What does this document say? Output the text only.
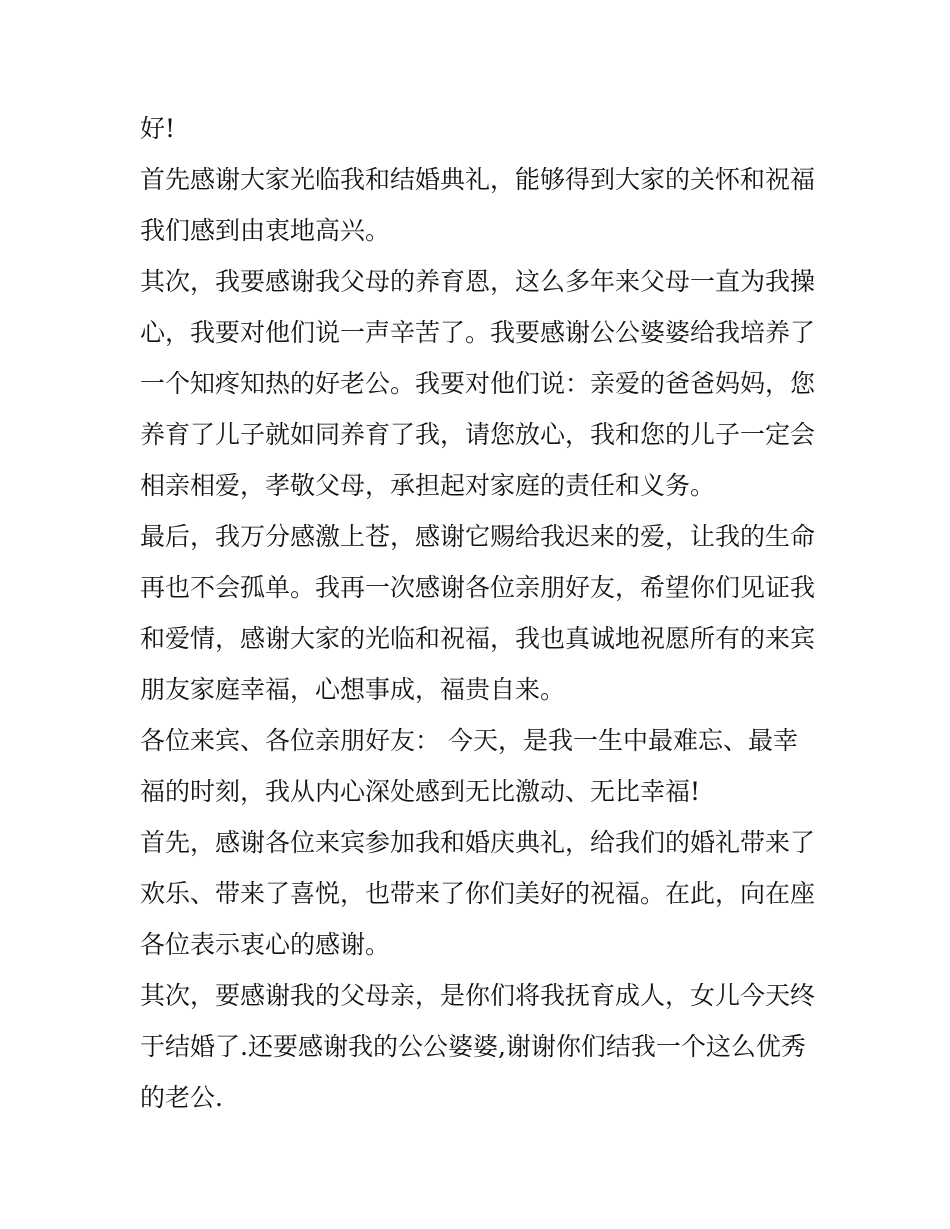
好!
首先感谢大家光临我和结婚典礼，能够得到大家的关怀和祝福
我们感到由衷地高兴。
其次，我要感谢我父母的养育恩，这么多年来父母一直为我操
心，我要对他们说一声辛苦了。我要感谢公公婆婆给我培养了
一个知疼知热的好老公。我要对他们说：亲爱的爸爸妈妈，您
养育了儿子就如同养育了我，请您放心，我和您的儿子一定会
相亲相爱，孝敬父母，承担起对家庭的责任和义务。
最后，我万分感激上苍，感谢它赐给我迟来的爱，让我的生命
再也不会孤单。我再一次感谢各位亲朋好友，希望你们见证我
和爱情，感谢大家的光临和祝福，我也真诚地祝愿所有的来宾
朋友家庭幸福，心想事成，福贵自来。
各位来宾、各位亲朋好友： 今天，是我一生中最难忘、最幸
福的时刻，我从内心深处感到无比激动、无比幸福!
首先，感谢各位来宾参加我和婚庆典礼，给我们的婚礼带来了
欢乐、带来了喜悦，也带来了你们美好的祝福。在此，向在座
各位表示衷心的感谢。
其次，要感谢我的父母亲，是你们将我抚育成人，女儿今天终
于结婚了.还要感谢我的公公婆婆,谢谢你们结我一个这么优秀
的老公.
